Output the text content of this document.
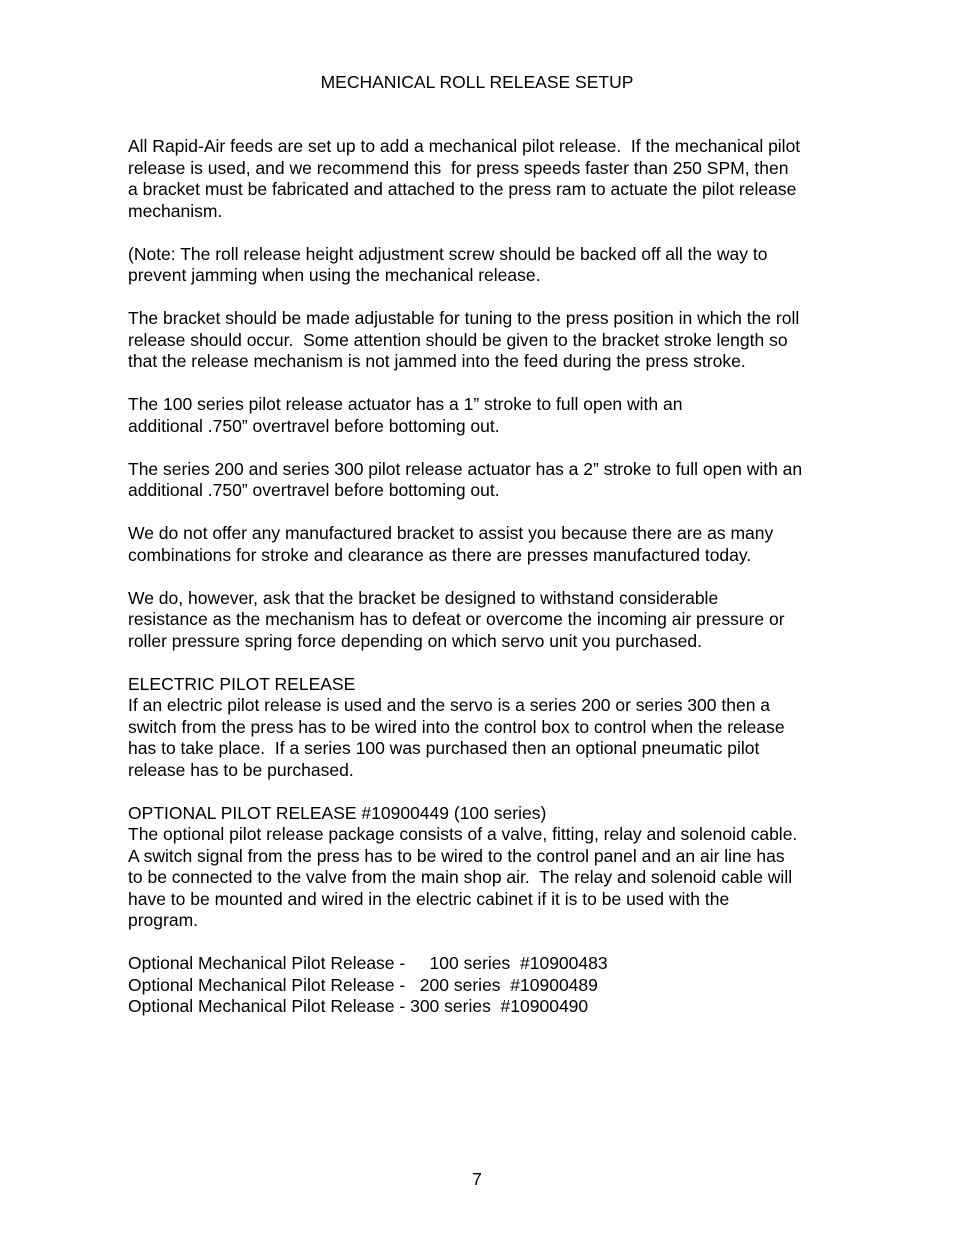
MECHANICAL ROLL RELEASE SETUP
All Rapid-Air feeds are set up to add a mechanical pilot release.  If the mechanical pilot
release is used, and we recommend this  for press speeds faster than 250 SPM, then
a bracket must be fabricated and attached to the press ram to actuate the pilot release
mechanism.
(Note: The roll release height adjustment screw should be backed off all the way to
prevent jamming when using the mechanical release.
The bracket should be made adjustable for tuning to the press position in which the roll
release should occur.  Some attention should be given to the bracket stroke length so
that the release mechanism is not jammed into the feed during the press stroke.
The 100 series pilot release actuator has a 1” stroke to full open with an
additional .750” overtravel before bottoming out.
The series 200 and series 300 pilot release actuator has a 2” stroke to full open with an
additional .750” overtravel before bottoming out.
We do not offer any manufactured bracket to assist you because there are as many
combinations for stroke and clearance as there are presses manufactured today.
We do, however, ask that the bracket be designed to withstand considerable
resistance as the mechanism has to defeat or overcome the incoming air pressure or
roller pressure spring force depending on which servo unit you purchased.
ELECTRIC PILOT RELEASE
If an electric pilot release is used and the servo is a series 200 or series 300 then a
switch from the press has to be wired into the control box to control when the release
has to take place.  If a series 100 was purchased then an optional pneumatic pilot
release has to be purchased.
OPTIONAL PILOT RELEASE #10900449 (100 series)
The optional pilot release package consists of a valve, fitting, relay and solenoid cable.
A switch signal from the press has to be wired to the control panel and an air line has
to be connected to the valve from the main shop air.  The relay and solenoid cable will
have to be mounted and wired in the electric cabinet if it is to be used with the
program.
Optional Mechanical Pilot Release -     100 series  #10900483
Optional Mechanical Pilot Release -   200 series  #10900489
Optional Mechanical Pilot Release - 300 series  #10900490
7
